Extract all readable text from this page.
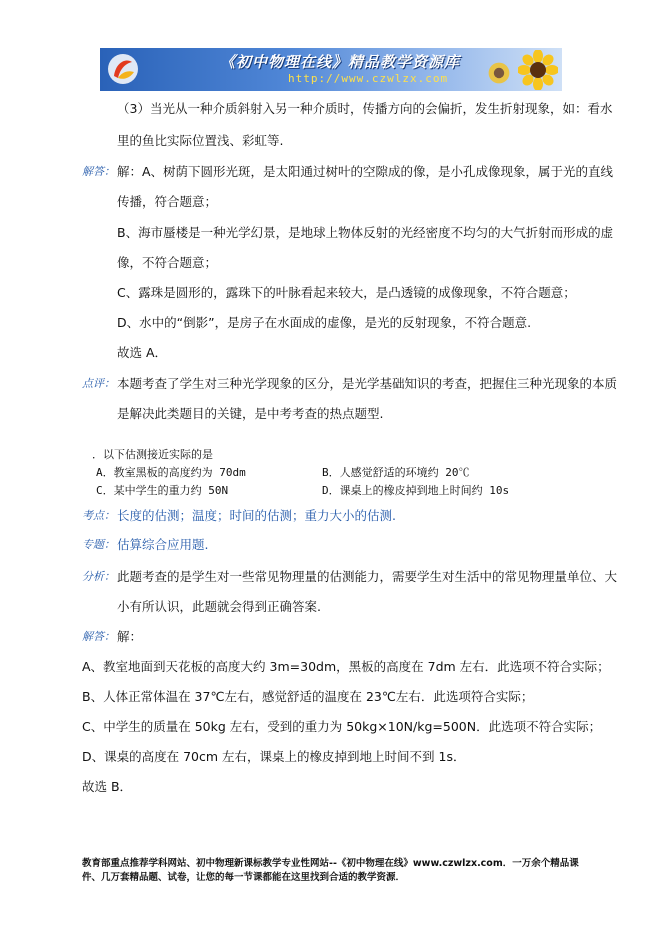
《初中物理在线》精品教学资源库
http://www.czwlzx.com
（3）当光从一种介质斜射入另一种介质时，传播方向的会偏折，发生折射现象，如：看水
里的鱼比实际位置浅、彩虹等.
解答： 解：A、树荫下圆形光斑，是太阳通过树叶的空隙成的像，是小孔成像现象，属于光的直线
传播，符合题意；
B、海市蜃楼是一种光学幻景，是地球上物体反射的光经密度不均匀的大气折射而形成的虚
像，不符合题意；
C、露珠是圆形的，露珠下的叶脉看起来较大，是凸透镜的成像现象，不符合题意；
D、水中的“倒影”，是房子在水面成的虚像，是光的反射现象，不符合题意.
故选 A．
点评： 本题考查了学生对三种光学现象的区分，是光学基础知识的考查，把握住三种光现象的本质
是解决此类题目的关键，是中考考查的热点题型.
．以下估测接近实际的是
A．教室黑板的高度约为 70dm	B．人感觉舒适的环境约 20℃
C．某中学生的重力约 50N	D．课桌上的橡皮掉到地上时间约 10s
考点： 长度的估测；温度；时间的估测；重力大小的估测.
专题： 估算综合应用题.
分析： 此题考查的是学生对一些常见物理量的估测能力，需要学生对生活中的常见物理量单位、大
小有所认识，此题就会得到正确答案.
解答： 解：
A、教室地面到天花板的高度大约 3m=30dm，黑板的高度在 7dm 左右．此选项不符合实际；
B、人体正常体温在 37℃左右，感觉舒适的温度在 23℃左右．此选项符合实际；
C、中学生的质量在 50kg 左右，受到的重力为 50kg×10N/kg=500N．此选项不符合实际；
D、课桌的高度在 70cm 左右，课桌上的橡皮掉到地上时间不到 1s．
故选 B．
教育部重点推荐学科网站、初中物理新课标教学专业性网站--《初中物理在线》www.czwlzx.com．一万余个精品课
件、几万套精品题、试卷，让您的每一节课都能在这里找到合适的教学资源．
